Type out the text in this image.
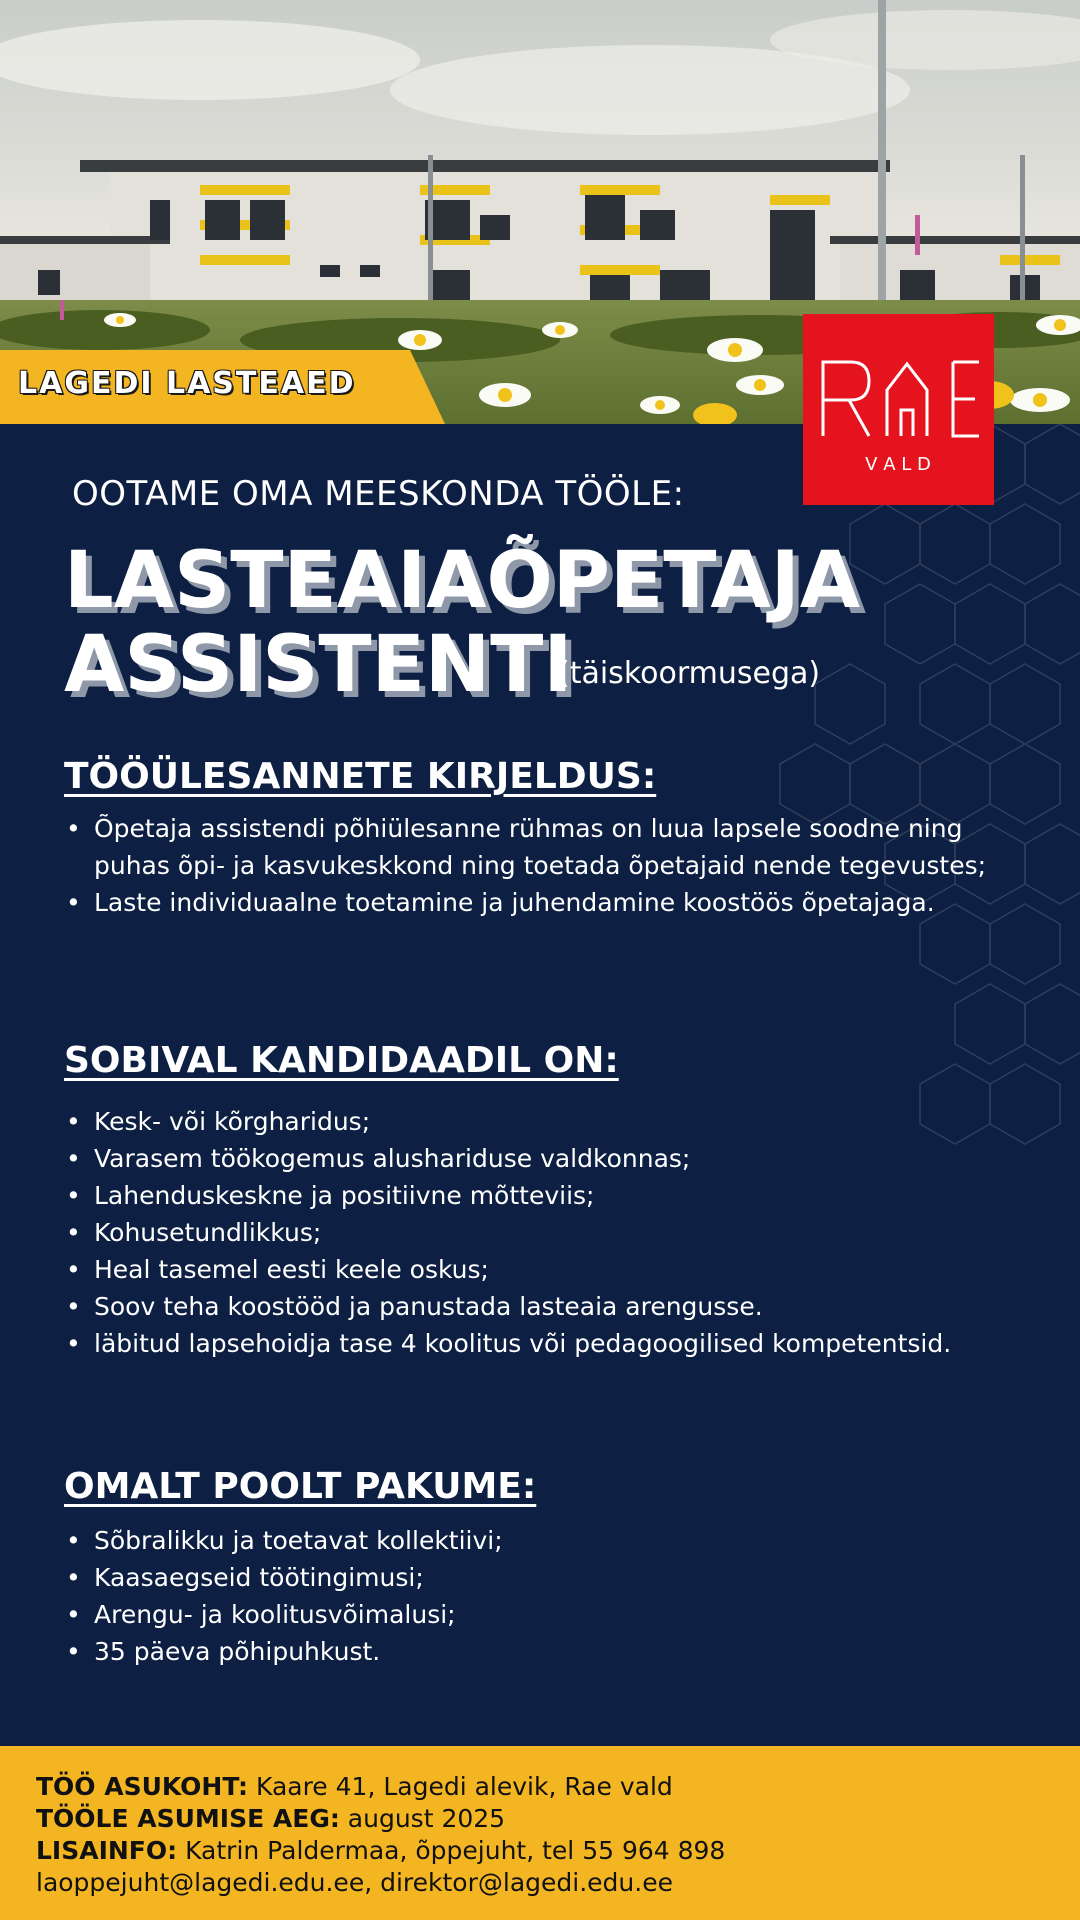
LAGEDI LASTEAED
OOTAME OMA MEESKONDA TÖÖLE:
LASTEAIAÕPETAJA
ASSISTENTI
(täiskoormusega)
TÖÖÜLESANNETE KIRJELDUS:
• Õpetaja assistendi põhiülesanne rühmas on luua lapsele soodne ning puhas õpi- ja kasvukeskkond ning toetada õpetajaid nende tegevustes;
• Laste individuaalne toetamine ja juhendamine koostöös õpetajaga.
SOBIVAL KANDIDAADIL ON:
• Kesk- või kõrgharidus;
• Varasem töökogemus alushariduse valdkonnas;
• Lahenduskeskne ja positiivne mõtteviis;
• Kohusetundlikkus;
• Heal tasemel eesti keele oskus;
• Soov teha koostööd ja panustada lasteaia arengusse.
• läbitud lapsehoidja tase 4 koolitus või pedagoogilised kompetentsid.
OMALT POOLT PAKUME:
• Sõbralikku ja toetavat kollektiivi;
• Kaasaegseid töötingimusi;
• Arengu- ja koolitusvõimalusi;
• 35 päeva põhipuhkust.
V A L D
TÖÖ ASUKOHT: Kaare 41, Lagedi alevik, Rae vald
TÖÖLE ASUMISE AEG: august 2025
LISAINFO: Katrin Paldermaa, õppejuht, tel 55 964 898
laoppejuht@lagedi.edu.ee, direktor@lagedi.edu.ee
